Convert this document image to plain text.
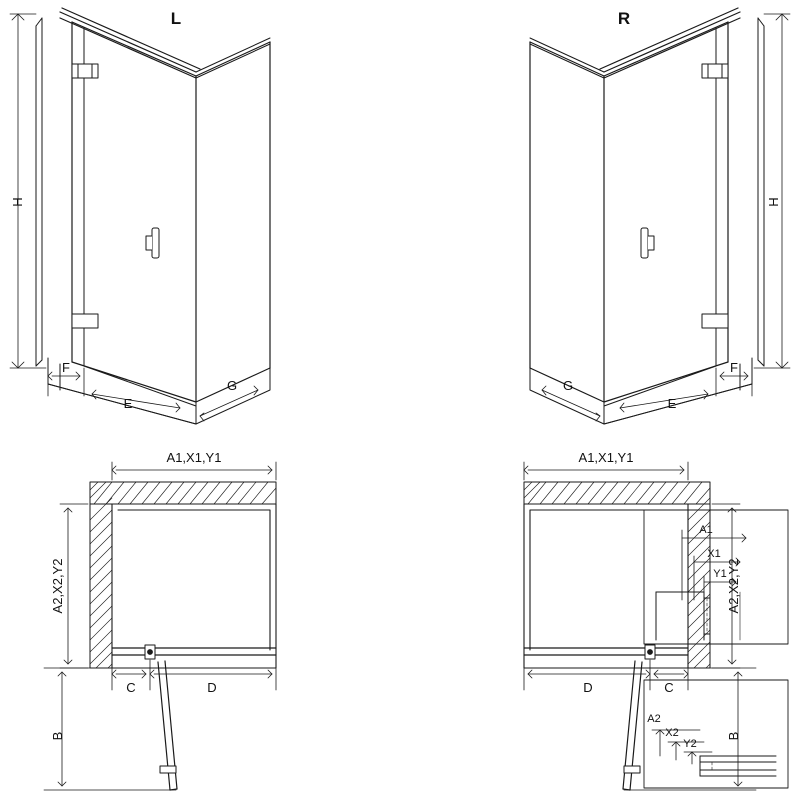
L	R
H	H
F
E
G
F
E
G
A1,X1,Y1
A2,X2,Y2
C	D
B
A1,X1,Y1
A2,X2,Y2
C
D
B
A1
X1
Y1
A2
X2
Y2
